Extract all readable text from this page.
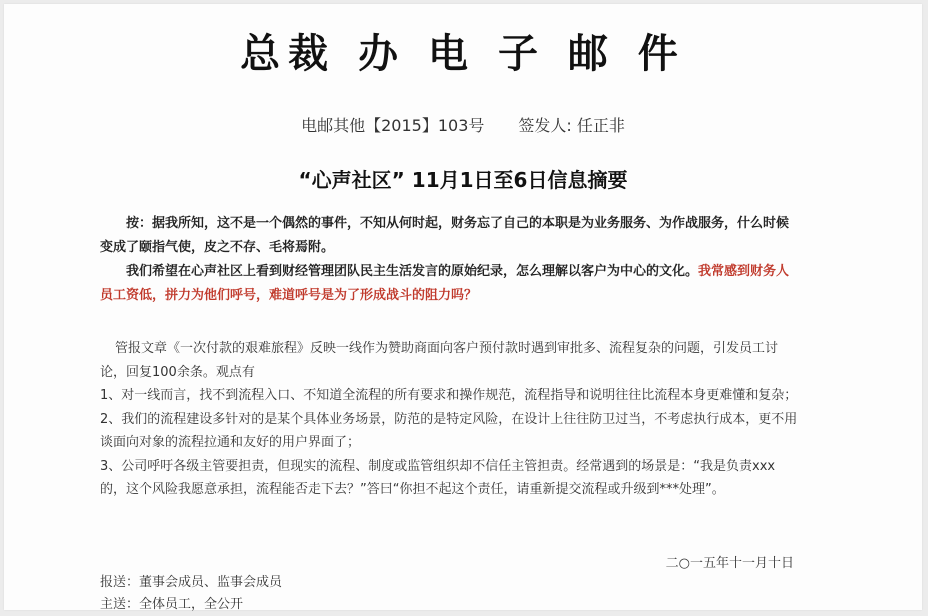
总裁 办 电 子 邮 件
电邮其他【2015】103号 签发人: 任正非
“心声社区” 11月1日至6日信息摘要

按：据我所知，这不是一个偶然的事件，不知从何时起，财务忘了自己的本职是为业务服务、为作战服务，什么时候变成了颐指气使，皮之不存、毛将焉附。

我们希望在心声社区上看到财经管理团队民主生活发言的原始纪录，怎么理解以客户为中心的文化。我常感到财务人员工资低，拼力为他们呼号，难道呼号是为了形成战斗的阻力吗？

管报文章《一次付款的艰难旅程》反映一线作为赞助商面向客户预付款时遇到审批多、流程复杂的问题，引发员工讨论，回复100余条。观点有

1、对一线而言，找不到流程入口、不知道全流程的所有要求和操作规范，流程指导和说明往往比流程本身更难懂和复杂；

2、我们的流程建设多针对的是某个具体业务场景，防范的是特定风险，在设计上往往防卫过当，不考虑执行成本，更不用谈面向对象的流程拉通和友好的用户界面了；

3、公司呼吁各级主管要担责，但现实的流程、制度或监管组织却不信任主管担责。经常遇到的场景是：“我是负责xxx的，这个风险我愿意承担，流程能否走下去？”答曰“你担不起这个责任，请重新提交流程或升级到***处理”。

二○一五年十一月十日

报送：董事会成员、监事会成员

主送：全体员工，全公开
